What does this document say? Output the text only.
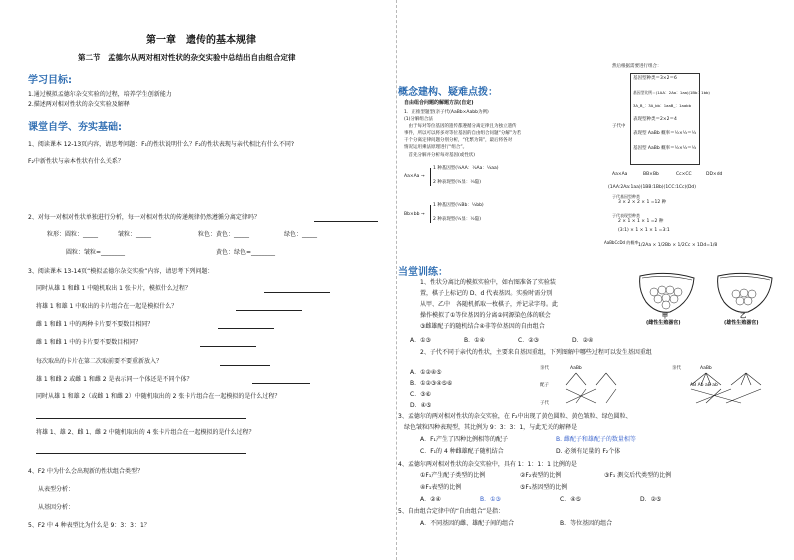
第一章　遗传的基本规律
第二节　孟德尔从两对相对性状的杂交实验中总结出自由组合定律
学习目标:
1.通过模拟孟德尔杂交实验的过程，培养学生创新能力
2.描述两对相对性状的杂交实验及解释
课堂自学、夯实基础:
1、阅读课本 12-13页内容，请思考问题：F₁的性状说明什么？F₂的性状表现与亲代相比有什么不同?
F₂中新性状与亲本性状有什么关系？
2、对每一对相对性状单独进行分析，每一对相对性状的传递规律仍然遵循分离定律吗？
粒形：圆粒：_____	皱粒：_____	粒色：黄色：_____	绿色：_____
圆粒：皱粒=________	黄色：绿色=________
3、阅读课本 13-14页“模拟孟德尔杂交实验”内容，请思考下列问题：
同时从雄 1 和雌 1 中随机取出 1 张卡片，模拟什么过程？
将雄 1 和雄 1 中取出的卡片组合在一起是模拟什么？
雌 1 和雌 1 中的两种卡片要不要数目相同？
雌 1 和雌 1 中的卡片要不要数目相同？
每次取出的卡片在第二次取前要不要重新放入？
雄 1 和雌 2 或雌 1 和雌 2 是表示同一个体还是不同个体？
同时从雄 1 和雄 2（或雌 1 和雌 2）中随机取出的 2 张卡片组合在一起模拟的是什么过程？
将雄 1、雄 2、雌 1、雌 2 中随机取出的 4 张卡片组合在一起模拟的是什么过程？
4、F2 中为什么会出现新的性状组合类型？
从表型分析：
从基因分析：
5、F2 中 4 种表型比为什么是 9：3：3：1？
概念建构、疑难点拨：
自由组合问题的解题方法(自定)
1．正推型题型(亲子代(AaBb×Aabb为例)
(1)分解组合法
　由于每对等位基因的遗传都遵循分离定律且为独立遗传
事件，所以可以将多对等位基因的自由组合问题“分解”为若
干个分离定律问题分别分析，“化繁为简”，最后将各对
情况运用乘法原理进行“组合”。
　首先分解并分析每对基因(或性状)
Aa×Aa →
1 种基因型(¼AA：½Aa：¼aa)
2 种表现型(¾显：¼隐)
Bb×bb →
1 种基因型(½Bb：½bb)
2 种表现型(½显：½隐)
然后根据需要进行组合：
子代中
基因型种类＝3×2＝6
基因型比例＝(1AA：2Aa：1aa)(1Bb：1bb)
3A_B_：3A_bb：1aaB_：1aabb
表现型种类＝2×2＝4
表现型 AaBb 概率＝½×½＝¼
基因型 AaBb 概率＝½×½＝¼
Aa×Aa	BB×Bb	Cc×CC	DD×dd
(1AA:2Aa:1aa)(1BB:1Bb)(1CC:1Cc)(Dd)
子代基因型种类
3 × 2 × 2 × 1 =12 种
子代表现型种类
2 × 1 × 1 × 1 =2 种
(3:1) × 1 × 1 × 1 =3:1
AaBbCcDd 的概率
1/2Aa × 1/2Bb × 1/2Cc × 1Dd=1/8
当堂训练：
1、性状分离比的模拟实验中，如右图准备了实验装
置，棋子上标记的 D、d 代表基因。实验时需分别
从甲、乙中　各随机抓取一枚棋子，并记录字母。此
操作模拟了①等位基因的分离②同源染色体的联会
③雌雄配子的随机结合④非等位基因的自由组合
A．①③	B．①④	C．②③	D．②④
甲
(雌性生殖器官)
乙
(雄性生殖器官)
2、子代不同于亲代的性状，主要来自基因重组，下列图解中哪些过程可以发生基因重组
A．①②④⑤
B．①②③④⑤⑥
C．③⑥
D．④⑤
亲代	AaBb	亲代	AaBb
配子	AB Ab aB ab
子代
3、孟德尔的两对相对性状的杂交实验，在 F₂中出现了黄色圆粒、黄色皱粒、绿色圆粒、
绿色皱粒四种表现型，其比例为 9：3：3：1，与此无关的解释是
A．F₁产生了四种比例相等的配子	B. 雌配子和雄配子的数量相等
C．F₁的 4 种雌雄配子随机结合	D. 必须有足量的 F₂个体
4、孟德尔两对相对性状的杂交实验中，具有 1：1：1：1 比例的是
①F₁产生配子类型的比例	②F₂表型的比例	③F₁ 测交后代类型的比例
④F₁表型的比例	⑤F₁基因型的比例
A．②④	B．①③	C．④⑤	D．②⑤
5、自由组合定律中的“自由组合”是指：
A．不同基因的雌、雄配子间的组合	B．等位基因的组合
